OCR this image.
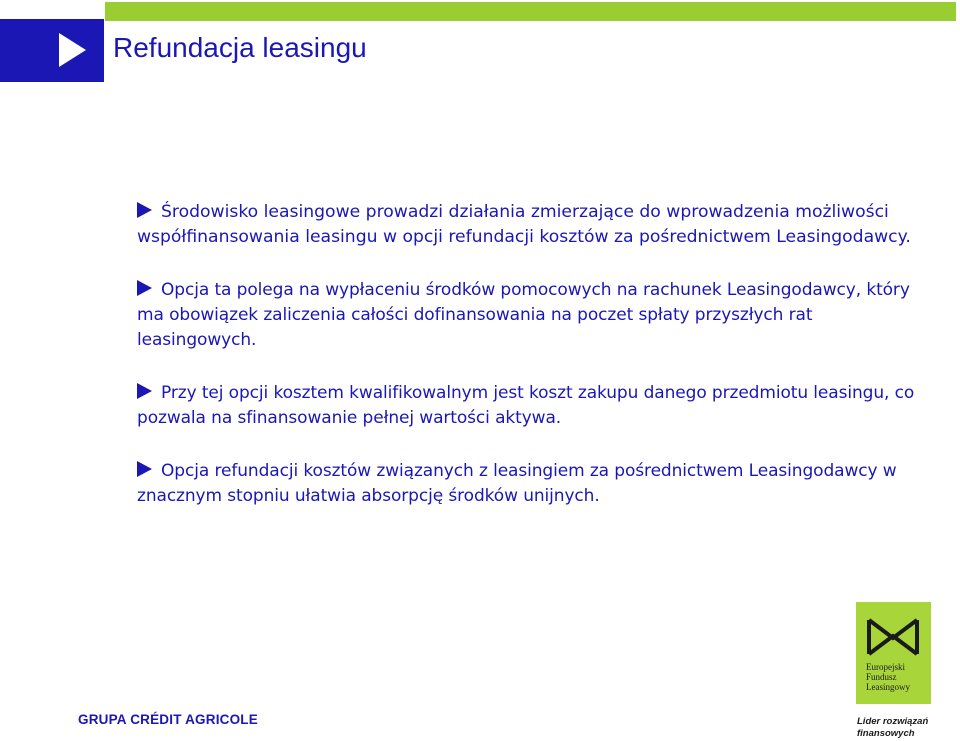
Refundacja leasingu
Środowisko leasingowe prowadzi działania zmierzające do wprowadzenia możliwości współfinansowania leasingu w opcji refundacji kosztów za pośrednictwem Leasingodawcy.
Opcja ta polega na wypłaceniu środków pomocowych na rachunek Leasingodawcy, który ma obowiązek zaliczenia całości dofinansowania na poczet spłaty przyszłych rat leasingowych.
Przy tej opcji kosztem kwalifikowalnym jest koszt zakupu danego przedmiotu leasingu, co pozwala na sfinansowanie pełnej wartości aktywa.
Opcja refundacji kosztów związanych z leasingiem za pośrednictwem Leasingodawcy w znacznym stopniu ułatwia absorpcję środków unijnych.
Europejski
Fundusz
Leasingowy
GRUPA CRÉDIT AGRICOLE	Lider rozwiązań
finansowych
